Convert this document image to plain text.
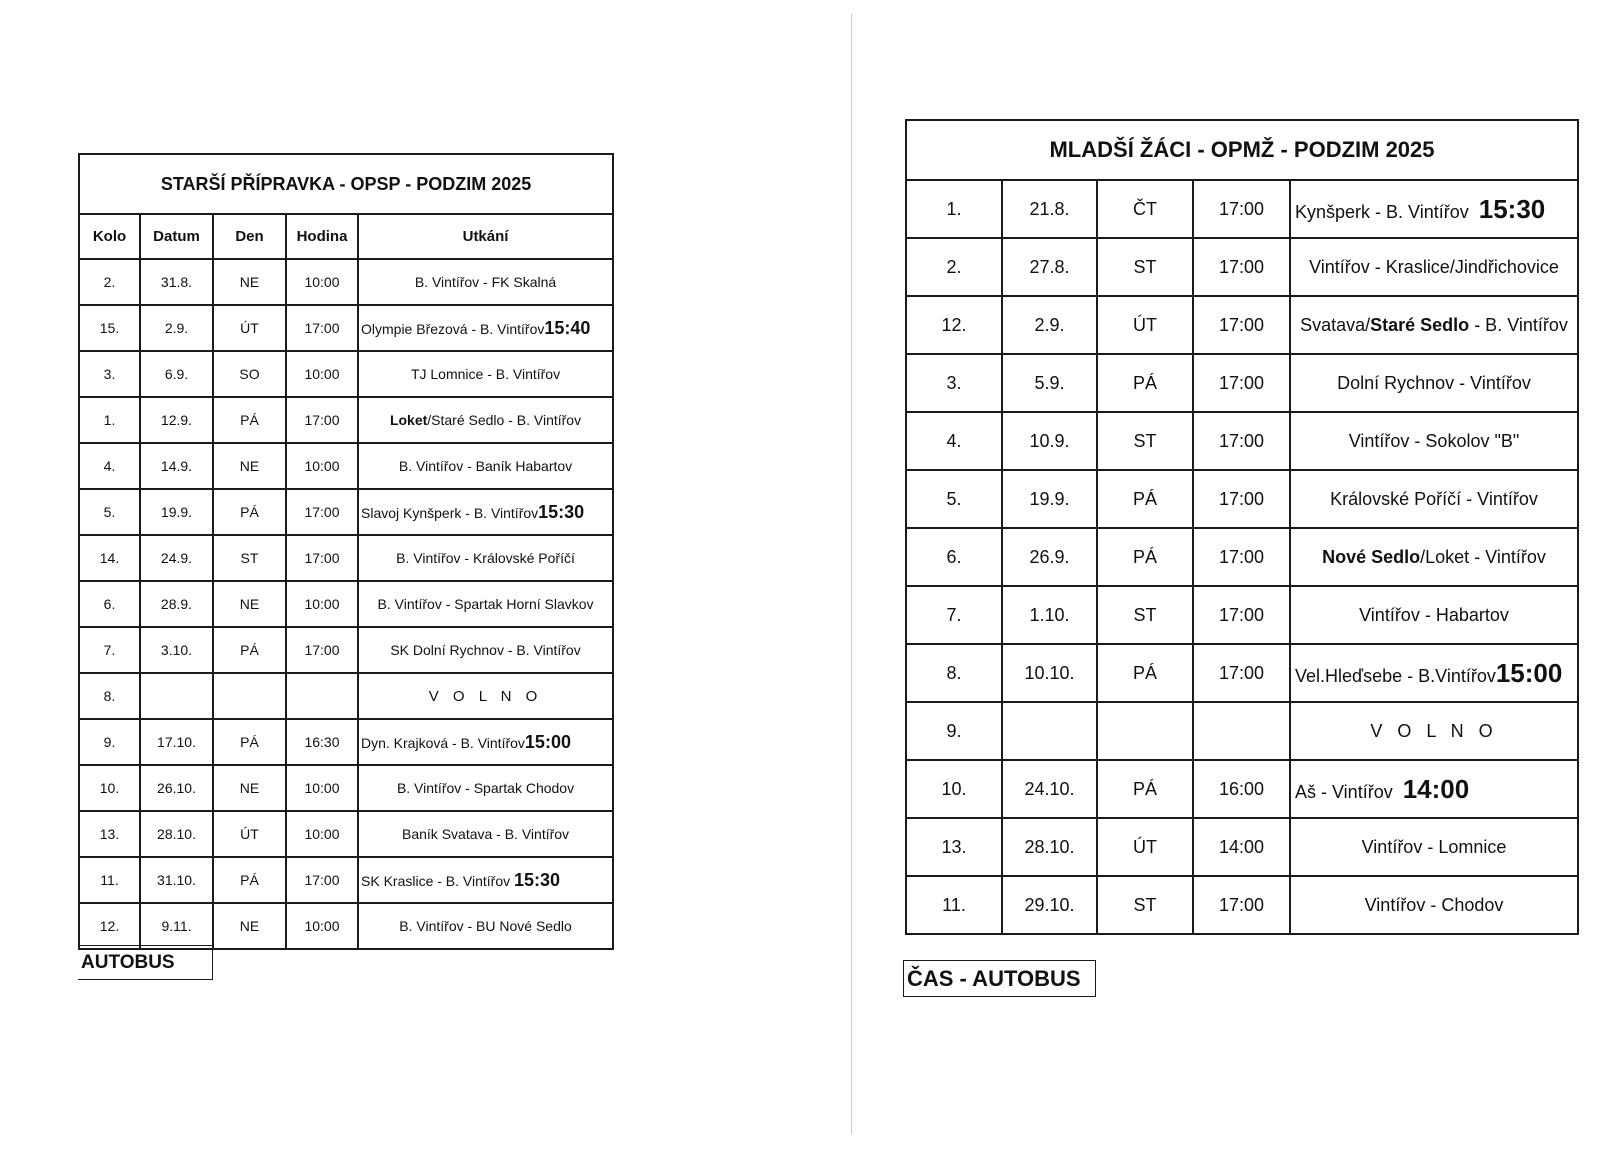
STARŠÍ PŘÍPRAVKA - OPSP - PODZIM 2025				
Kolo	Datum	Den	Hodina	Utkání
2.	31.8.	NE	10:00	B. Vintířov - FK Skalná
15.	2.9.	ÚT	17:00	Olympie Březová - B. Vintířov15:40
3.	6.9.	SO	10:00	TJ Lomnice - B. Vintířov
1.	12.9.	PÁ	17:00	Loket/Staré Sedlo - B. Vintířov
4.	14.9.	NE	10:00	B. Vintířov - Baník Habartov
5.	19.9.	PÁ	17:00	Slavoj Kynšperk - B. Vintířov15:30
14.	24.9.	ST	17:00	B. Vintířov - Královské Poříčí
6.	28.9.	NE	10:00	B. Vintířov - Spartak Horní Slavkov
7.	3.10.	PÁ	17:00	SK Dolní Rychnov - B. Vintířov
8.				V O L N O
9.	17.10.	PÁ	16:30	Dyn. Krajková - B. Vintířov15:00
10.	26.10.	NE	10:00	B. Vintířov - Spartak Chodov
13.	28.10.	ÚT	10:00	Baník Svatava - B. Vintířov
11.	31.10.	PÁ	17:00	SK Kraslice - B. Vintířov 15:30
12.	9.11.	NE	10:00	B. Vintířov - BU Nové Sedlo
AUTOBUS
MLADŠÍ ŽÁCI - OPMŽ - PODZIM 2025				
1.	21.8.	ČT	17:00	Kynšperk - B. Vintířov  15:30
2.	27.8.	ST	17:00	Vintířov - Kraslice/Jindřichovice
12.	2.9.	ÚT	17:00	Svatava/Staré Sedlo - B. Vintířov
3.	5.9.	PÁ	17:00	Dolní Rychnov - Vintířov
4.	10.9.	ST	17:00	Vintířov - Sokolov "B"
5.	19.9.	PÁ	17:00	Královské Poříčí - Vintířov
6.	26.9.	PÁ	17:00	Nové Sedlo/Loket - Vintířov
7.	1.10.	ST	17:00	Vintířov - Habartov
8.	10.10.	PÁ	17:00	Vel.Hleďsebe - B.Vintířov15:00
9.				V O L N O
10.	24.10.	PÁ	16:00	Aš - Vintířov  14:00
13.	28.10.	ÚT	14:00	Vintířov - Lomnice
11.	29.10.	ST	17:00	Vintířov - Chodov
ČAS - AUTOBUS
